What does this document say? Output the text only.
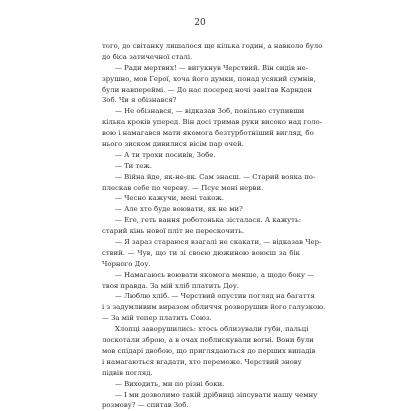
20
того, до світанку лишалося ще кілька годин, а навколо було
до біса затичечної сталі.
— Ради мертвих! — вигукнув Черствий. Він сидів не-
зрушно, мов Герої, хоча його думки, понад усякий сумнів,
були навпереймі. — До нас посеред ночі завітав Карнден
Зоб. Чи я обізнався?
— Не обізнався, — відказав Зоб, повільно ступивши
кілька кроків уперед. Він досі тримав руки високо над голо-
вою і намагався мати якомога безтурботніший вигляд, бо
нього зиском дивилися вісім пар очей.
— А ти трохи посивів, Зобе.
— Ти теж.
— Війна йде, як-не-як. Сам знаєш. — Старий вояка по-
плескав себе по череву. — Псує мені нерви.
— Чесно кажучи, мені також.
— Але хто буде воювати, як не ми?
— Еге, геть вання роботонька зісталася. А кажуть:
старий кінь нової пліт не перескочить.
— Я зараз стараюся взагалі не скакати, — відказав Чер-
ствий. — Чув, що ти зі своєю дюжиною воюєш за бік
Чорного Доу.
— Намагаюсь воювати якомога менше, а щодо боку —
твоя правда. За мій хліб платить Доу.
— Люблю хліб. — Черствий опустив погляд на багаття
і з задумливим виразом обличчя розворушив його галузкою.
— За мій тепер платить Союз.
Хлопці заворушились: хтось облизували губи, пальці
лоскотали зброю, а в очах поблискували вогні. Вони були
мов спідарі двобою, що приглядаються до перших випадів
і намагаються вгадати, хто переможе. Черствий знову
підвів погляд.
— Виходить, ми по різні боки.
— І ми дозволимо такій дрібниці зіпсувати нашу чемну
розмову? — спитав Зоб.
